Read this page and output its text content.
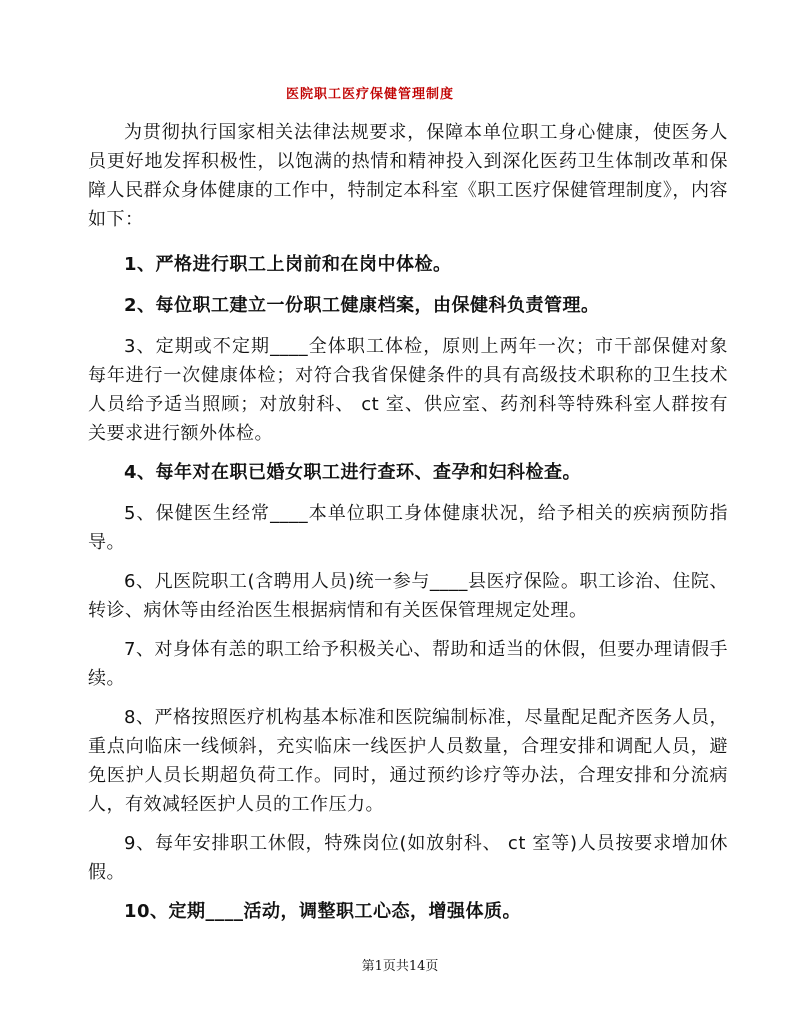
医院职工医疗保健管理制度

为贯彻执行国家相关法律法规要求，保障本单位职工身心健康，使医务人员更好地发挥积极性，以饱满的热情和精神投入到深化医药卫生体制改革和保障人民群众身体健康的工作中，特制定本科室《职工医疗保健管理制度》，内容如下：

1、严格进行职工上岗前和在岗中体检。

2、每位职工建立一份职工健康档案，由保健科负责管理。

3、定期或不定期____全体职工体检，原则上两年一次；市干部保健对象每年进行一次健康体检；对符合我省保健条件的具有高级技术职称的卫生技术人员给予适当照顾；对放射科、 ct 室、供应室、药剂科等特殊科室人群按有关要求进行额外体检。

4、每年对在职已婚女职工进行查环、查孕和妇科检查。

5、保健医生经常____本单位职工身体健康状况，给予相关的疾病预防指导。

6、凡医院职工(含聘用人员)统一参与____县医疗保险。职工诊治、住院、转诊、病休等由经治医生根据病情和有关医保管理规定处理。

7、对身体有恙的职工给予积极关心、帮助和适当的休假，但要办理请假手续。

8、严格按照医疗机构基本标准和医院编制标准，尽量配足配齐医务人员，重点向临床一线倾斜，充实临床一线医护人员数量，合理安排和调配人员，避免医护人员长期超负荷工作。同时，通过预约诊疗等办法，合理安排和分流病人，有效减轻医护人员的工作压力。

9、每年安排职工休假，特殊岗位(如放射科、 ct 室等)人员按要求增加休假。

10、定期____活动，调整职工心态，增强体质。

第1页共14页
